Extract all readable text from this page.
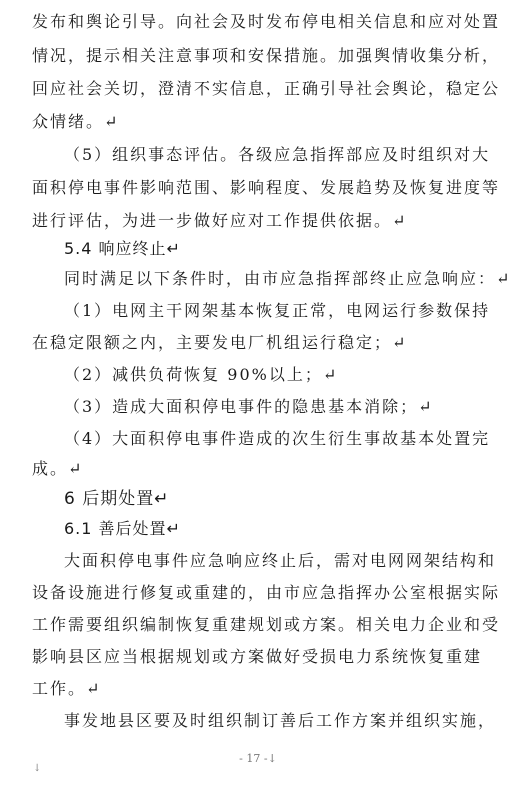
发布和舆论引导。向社会及时发布停电相关信息和应对处置
情况，提示相关注意事项和安保措施。加强舆情收集分析，
回应社会关切，澄清不实信息，正确引导社会舆论，稳定公
众情绪。↵
（5）组织事态评估。各级应急指挥部应及时组织对大
面积停电事件影响范围、影响程度、发展趋势及恢复进度等
进行评估，为进一步做好应对工作提供依据。↵
5.4 响应终止↵
同时满足以下条件时，由市应急指挥部终止应急响应：↵
（1）电网主干网架基本恢复正常，电网运行参数保持
在稳定限额之内，主要发电厂机组运行稳定；↵
（2）减供负荷恢复 90%以上；↵
（3）造成大面积停电事件的隐患基本消除；↵
（4）大面积停电事件造成的次生衍生事故基本处置完
成。↵
6 后期处置↵
6.1 善后处置↵
大面积停电事件应急响应终止后，需对电网网架结构和
设备设施进行修复或重建的，由市应急指挥办公室根据实际
工作需要组织编制恢复重建规划或方案。相关电力企业和受
影响县区应当根据规划或方案做好受损电力系统恢复重建
工作。↵
事发地县区要及时组织制订善后工作方案并组织实施，
- 17 -↓
↓
